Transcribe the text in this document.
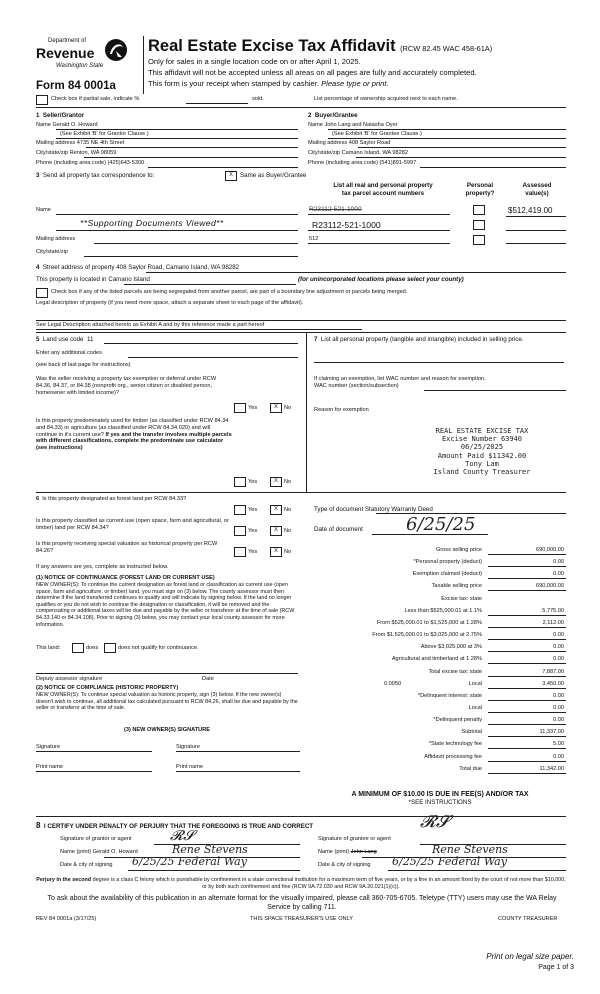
Department of
Revenue
Washington State
Form 84 0001a
Real Estate Excise Tax Affidavit (RCW 82.45 WAC 458-61A)
Only for sales in a single location code on or after April 1, 2025.
This affidavit will not be accepted unless all areas on all pages are fully and accurately completed.
This form is your receipt when stamped by cashier. Please type or print.
Check box if partial sale, indicate %	sold.	List percentage of ownership acquired next to each name.
1 Seller/Grantor
Name Gerald O. Howard
(See Exhibit 'B' for Grantor Clause.)
Mailing address 4735 NE 4th Street
City/state/zip Renton, WA 98059
Phone (including area code) (425)643-5300
2 Buyer/Grantee
Name John Lang and Natasha Oyer
(See Exhibit 'B' for Grantee Clause.)
Mailing address 408 Saylor Road
City/state/zip Camano Island, WA 98282
Phone (including area code) (541)891-5997
3 Send all property tax correspondence to:	X	Same as Buyer/Grantee
Name
**Supporting Documents Viewed**
Mailing address
City/state/zip
List all real and personal property
tax parcel account numbers
Personal
property?
Assessed
value(s)
R23112-521-1000	$512,419.00
R23112-521-1000
512
4 Street address of property 408 Saylor Road, Camano Island, WA 98282
This property is located in Camano Island	(for unincorporated locations please select your county)
Check box if any of the listed parcels are being segregated from another parcel, are part of a boundary line adjustment or parcels being merged.
Legal description of property (if you need more space, attach a separate sheet to each page of the affidavit).
See Legal Description attached hereto as Exhibit A and by this reference made a part hereof
5 Land use code 11
Enter any additional codes
(see back of last page for instructions)
Was the seller receiving a property tax exemption or deferral under RCW 84.36, 84.37, or 84.38 (nonprofit org., senior citizen or disabled person, homeowner with limited income)?
Yes	X	No
Is this property predominately used for timber (as classified under RCW 84.34 and 84.33) or agriculture (as classified under RCW 84.34.020) and will continue in it's current use? If yes and the transfer involves multiple parcels with different classifications, complete the predominate use calculator (see instructions)
Yes	X	No
7 List all personal property (tangible and intangible) included in selling price.
If claiming an exemption, list WAC number and reason for exemption.
WAC number (section/subsection)
Reason for exemption
REAL ESTATE EXCISE TAX
Excise Number 63940
06/25/2025
Amount Paid $11342.00
Tony Lam
Island County Treasurer
6 Is this property designated as forest land per RCW 84.33?
Yes	X	No
Is this property classified as current use (open space, farm and agricultural, or timber) land per RCW 84.34?
Yes	X	No
Is this property receiving special valuation as historical property per RCW 84.26?	Yes	X	No
If any answers are yes, complete as instructed below.
(1) NOTICE OF CONTINUANCE (FOREST LAND OR CURRENT USE)
NEW OWNER(S): To continue the current designation as forest land or classification as current use (open space, farm and agriculture, or timber) land, you must sign on (3) below. The county assessor must then determine if the land transferred continues to qualify and will indicate by signing below. If the land no longer qualifies or you do not wish to continue the designation or classification, it will be removed and the compensating or additional taxes will be due and payable by the seller or transferor at the time of sale (RCW 84.33.140 or 84.34.108). Prior to signing (3) below, you may contact your local county assessor for more information.
This land:	does	does not qualify for continuance.
Deputy assessor signature	Date
(2) NOTICE OF COMPLIANCE (HISTORIC PROPERTY)
NEW OWNER(S): To continue special valuation as historic property, sign (3) below. If the new owner(s) doesn't wish to continue, all additional tax calculated pursuant to RCW 84.26, shall be due and payable by the seller or transferor at the time of sale.
(3) NEW OWNER(S) SIGNATURE
Signature	Signature
Print name	Print name
Type of document Statutory Warranty Deed
Date of document 6/25/25
Gross selling price	690,000.00
*Personal property (deduct)	0.00
Exemption claimed (deduct)	0.00
Taxable selling price	690,000.00
Excise tax: state
Less than $525,000.01 at 1.1%	5,775.00
From $525,000.01 to $1,525,000 at 1.28%	2,112.00
From $1,525,000.01 to $3,025,000 at 2.75%	0.00
Above $3,025,000 at 3%	0.00
Agricultural and timberland at 1.28%	0.00
Total excise tax: state	7,887.00
Local	3,450.00
0.0050
*Delinquent interest: state	0.00
Local	0.00
*Delinquent penalty	0.00
Subtotal	11,337.00
*State technology fee	5.00
Affidavit processing fee	0.00
Total due	11,342.00
A MINIMUM OF $10.00 IS DUE IN FEE(S) AND/OR TAX
*SEE INSTRUCTIONS
8 I CERTIFY UNDER PENALTY OF PERJURY THAT THE FOREGOING IS TRUE AND CORRECT	𝓡𝓢
Signature of grantor or agent	𝓡𝓢	Signature of grantee or agent
Name (print) Gerald O. Howard	Rene Stevens	Name (print) John Lang	Rene Stevens
Date & city of signing 6/25/25 Federal Way	Date & city of signing 6/25/25 Federal Way
Perjury in the second degree is a class C felony which is punishable by confinement in a state correctional institution for a maximum term of five years, or by a fine in an amount fixed by the court of not more than $10,000, or by both such confinement and fine (RCW 9A.72.030 and RCW 9A.20.021(1)(c)).
To ask about the availability of this publication in an alternate format for the visually impaired, please call 360-705-6705. Teletype (TTY) users may use the WA Relay Service by calling 711.
REV 84 0001a (3/17/25)	THIS SPACE TREASURER'S USE ONLY	COUNTY TREASURER
Print on legal size paper.
Page 1 of 3
